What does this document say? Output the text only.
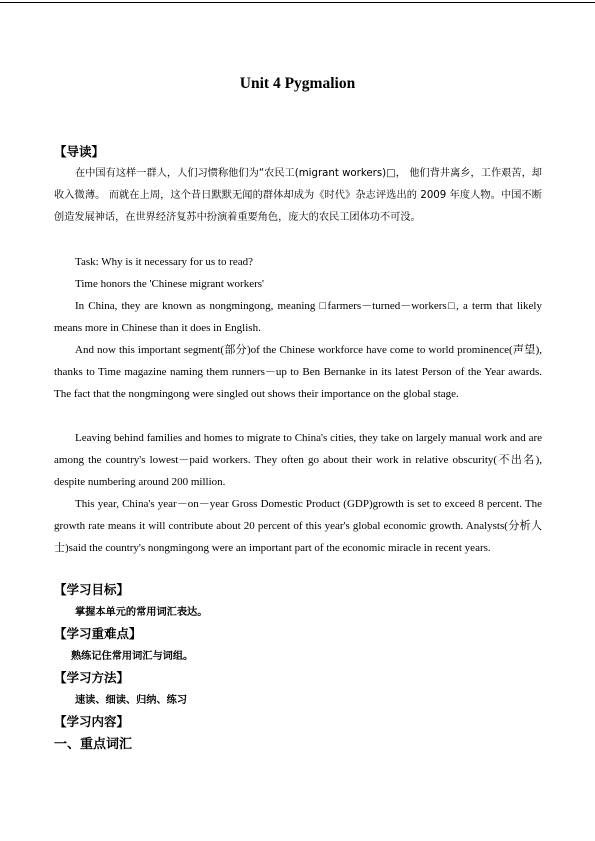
Unit 4 Pygmalion
【导读】
在中国有这样一群人，人们习惯称他们为“农民工(migrant workers)□， 他们背井离乡，工作艰苦，却收入微薄。 而就在上周，这个昔日默默无闻的群体却成为《时代》杂志评选出的 2009 年度人物。中国不断创造发展神话，在世界经济复苏中扮演着重要角色，庞大的农民工团体功不可没。
Task: Why is it necessary for us to read?
Time honors the 'Chinese migrant workers'
In China, they are known as nongmingong, meaning □farmers－turned－workers□, a term that likely means more in Chinese than it does in English.
And now this important segment(部分)of the Chinese workforce have come to world prominence(声望), thanks to Time magazine naming them runners－up to Ben Bernanke in its latest Person of the Year awards. The fact that the nongmingong were singled out shows their importance on the global stage.
Leaving behind families and homes to migrate to China's cities, they take on largely manual work and are among the country's lowest－paid workers. They often go about their work in relative obscurity(不出名), despite numbering around 200 million.
This year, China's year－on－year Gross Domestic Product (GDP)growth is set to exceed 8 percent. The growth rate means it will contribute about 20 percent of this year's global economic growth. Analysts(分析人士)said the country's nongmingong were an important part of the economic miracle in recent years.
【学习目标】
掌握本单元的常用词汇表达。
【学习重难点】
熟练记住常用词汇与词组。
【学习方法】
速读、细读、归纳、练习
【学习内容】
一、重点词汇
